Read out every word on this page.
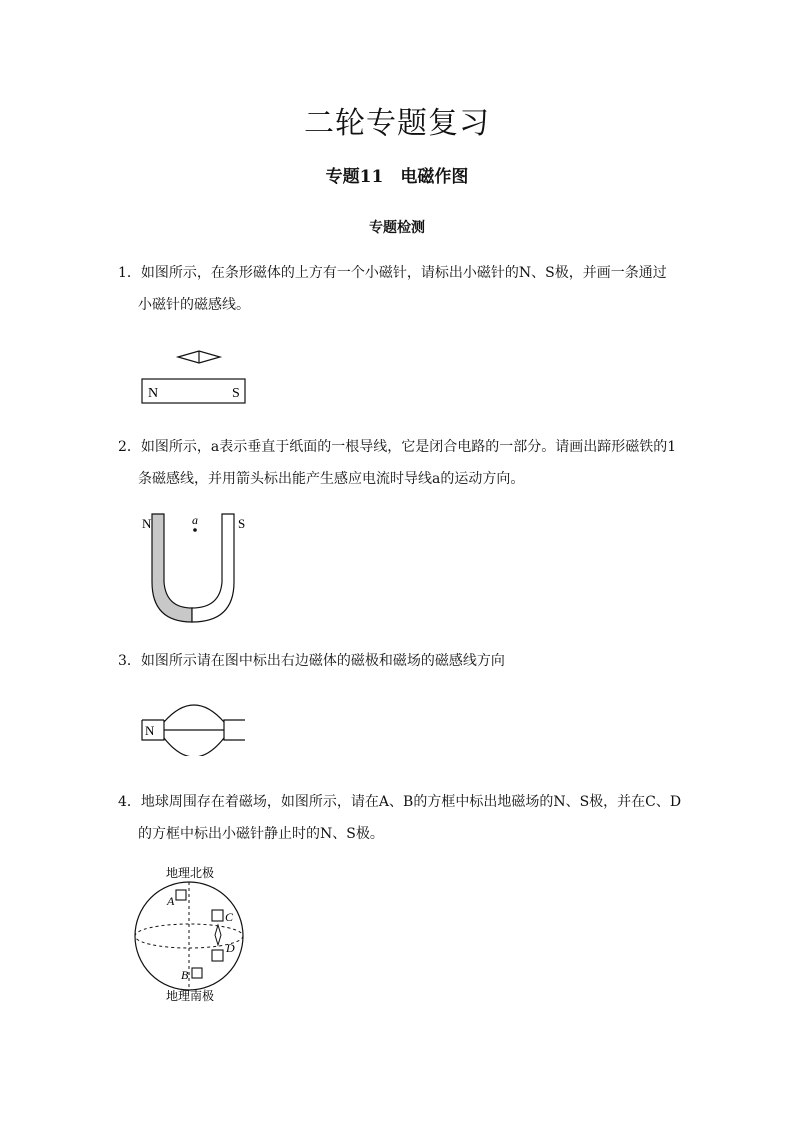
二轮专题复习
专题11　电磁作图
专题检测
1．如图所示，在条形磁体的上方有一个小磁针，请标出小磁针的N、S极，并画一条通过
小磁针的磁感线。
N	S
2．如图所示，a表示垂直于纸面的一根导线，它是闭合电路的一部分。请画出蹄形磁铁的1
条磁感线，并用箭头标出能产生感应电流时导线a的运动方向。
N	S
a
3．如图所示请在图中标出右边磁体的磁极和磁场的磁感线方向
N
4．地球周围存在着磁场，如图所示，请在A、B的方框中标出地磁场的N、S极，并在C、D
的方框中标出小磁针静止时的N、S极。
地理北极
地理南极
A
C
D
B
